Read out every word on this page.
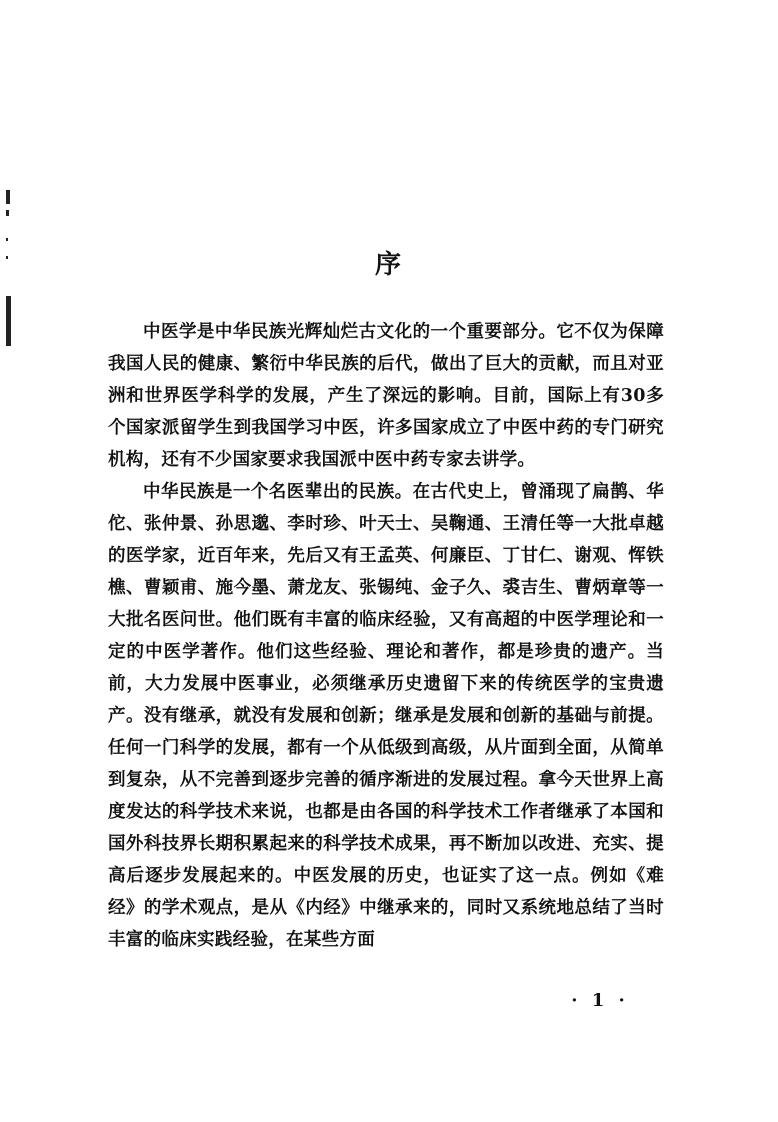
序

中医学是中华民族光辉灿烂古文化的一个重要部分。它不仅为保障我国人民的健康、繁衍中华民族的后代，做出了巨大的贡献，而且对亚洲和世界医学科学的发展，产生了深远的影响。目前，国际上有30多个国家派留学生到我国学习中医，许多国家成立了中医中药的专门研究机构，还有不少国家要求我国派中医中药专家去讲学。

中华民族是一个名医辈出的民族。在古代史上，曾涌现了扁鹊、华佗、张仲景、孙思邈、李时珍、叶天士、吴鞠通、王清任等一大批卓越的医学家，近百年来，先后又有王孟英、何廉臣、丁甘仁、谢观、恽铁樵、曹颖甫、施今墨、萧龙友、张锡纯、金子久、裘吉生、曹炳章等一大批名医问世。他们既有丰富的临床经验，又有高超的中医学理论和一定的中医学著作。他们这些经验、理论和著作，都是珍贵的遗产。当前，大力发展中医事业，必须继承历史遗留下来的传统医学的宝贵遗产。没有继承，就没有发展和创新；继承是发展和创新的基础与前提。任何一门科学的发展，都有一个从低级到高级，从片面到全面，从简单到复杂，从不完善到逐步完善的循序渐进的发展过程。拿今天世界上高度发达的科学技术来说，也都是由各国的科学技术工作者继承了本国和国外科技界长期积累起来的科学技术成果，再不断加以改进、充实、提高后逐步发展起来的。中医发展的历史，也证实了这一点。例如《难经》的学术观点，是从《内经》中继承来的，同时又系统地总结了当时丰富的临床实践经验，在某些方面

· 1 ·
